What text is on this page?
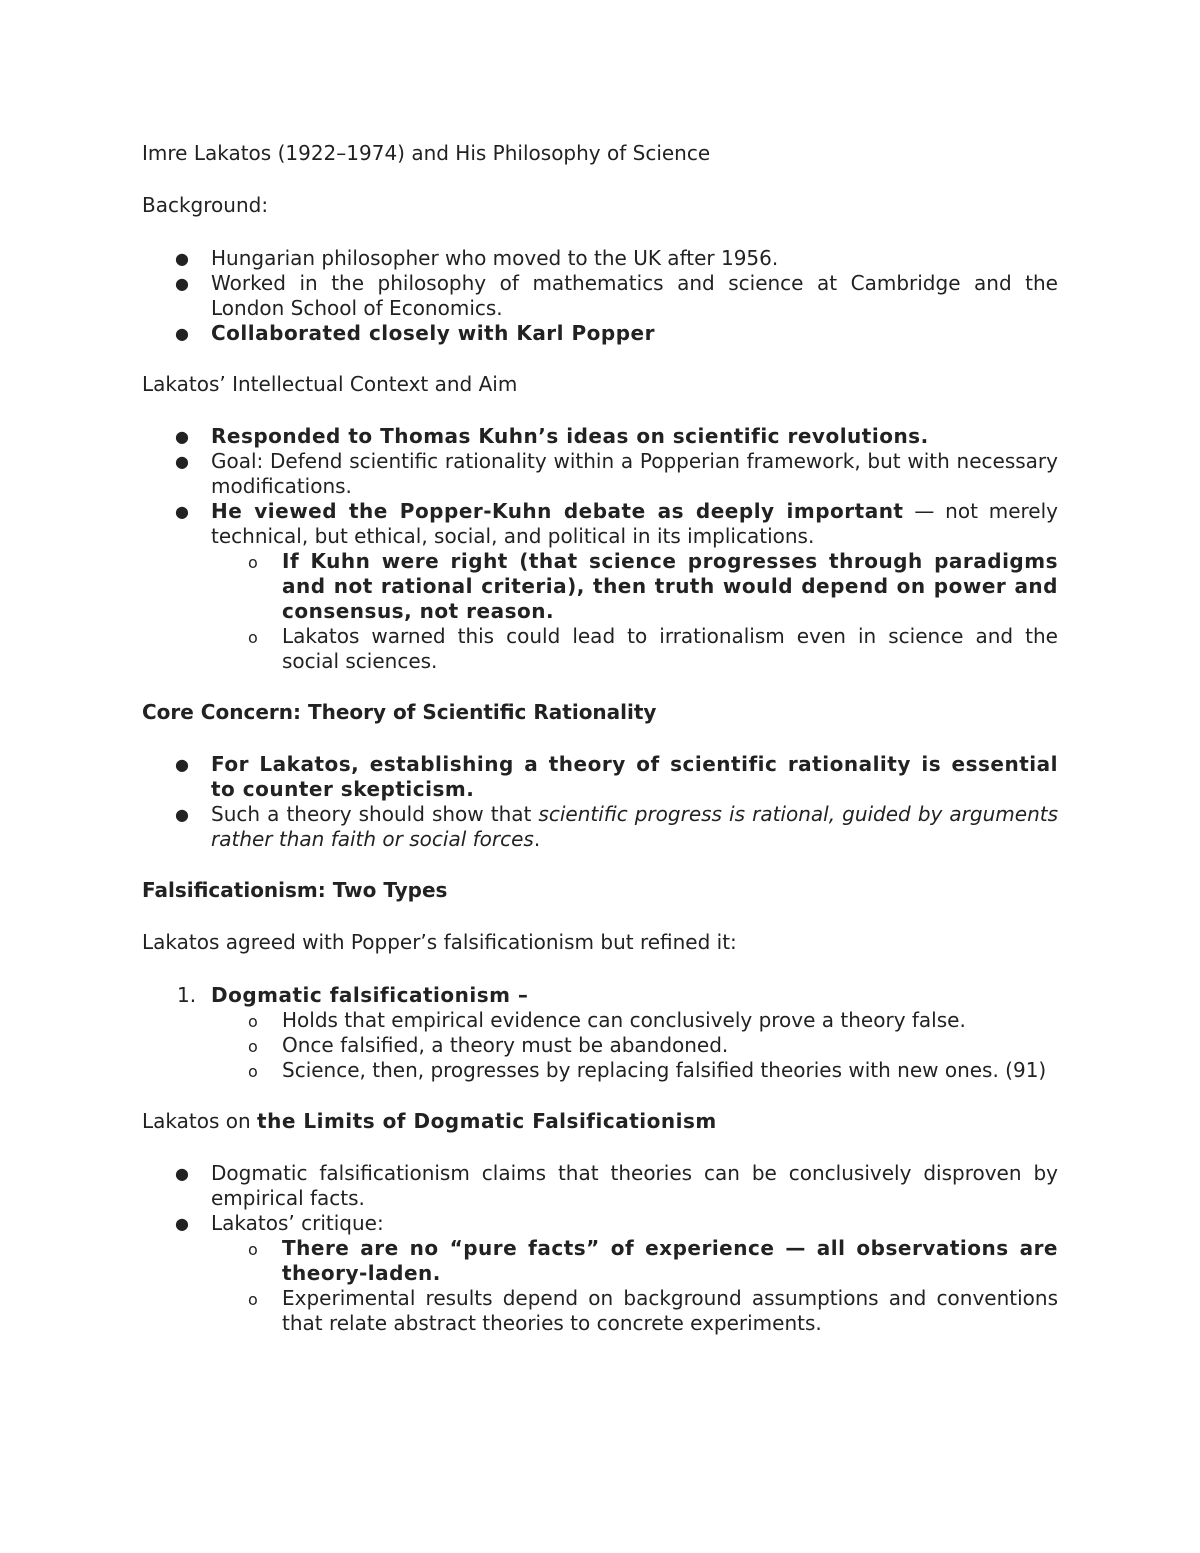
Imre Lakatos (1922–1974) and His Philosophy of Science

Background:

● Hungarian philosopher who moved to the UK after 1956.
● Worked in the philosophy of mathematics and science at Cambridge and the London School of Economics.
● Collaborated closely with Karl Popper

Lakatos’ Intellectual Context and Aim

● Responded to Thomas Kuhn’s ideas on scientific revolutions.
● Goal: Defend scientific rationality within a Popperian framework, but with necessary modifications.
● He viewed the Popper-Kuhn debate as deeply important — not merely technical, but ethical, social, and political in its implications.
o If Kuhn were right (that science progresses through paradigms and not rational criteria), then truth would depend on power and consensus, not reason.
o Lakatos warned this could lead to irrationalism even in science and the social sciences.

Core Concern: Theory of Scientific Rationality

● For Lakatos, establishing a theory of scientific rationality is essential to counter skepticism.
● Such a theory should show that scientific progress is rational, guided by arguments rather than faith or social forces.

Falsificationism: Two Types

Lakatos agreed with Popper’s falsificationism but refined it:

1. Dogmatic falsificationism –
o Holds that empirical evidence can conclusively prove a theory false.
o Once falsified, a theory must be abandoned.
o Science, then, progresses by replacing falsified theories with new ones. (91)

Lakatos on the Limits of Dogmatic Falsificationism

● Dogmatic falsificationism claims that theories can be conclusively disproven by empirical facts.
● Lakatos’ critique:
o There are no “pure facts” of experience — all observations are theory-laden.
o Experimental results depend on background assumptions and conventions that relate abstract theories to concrete experiments.
